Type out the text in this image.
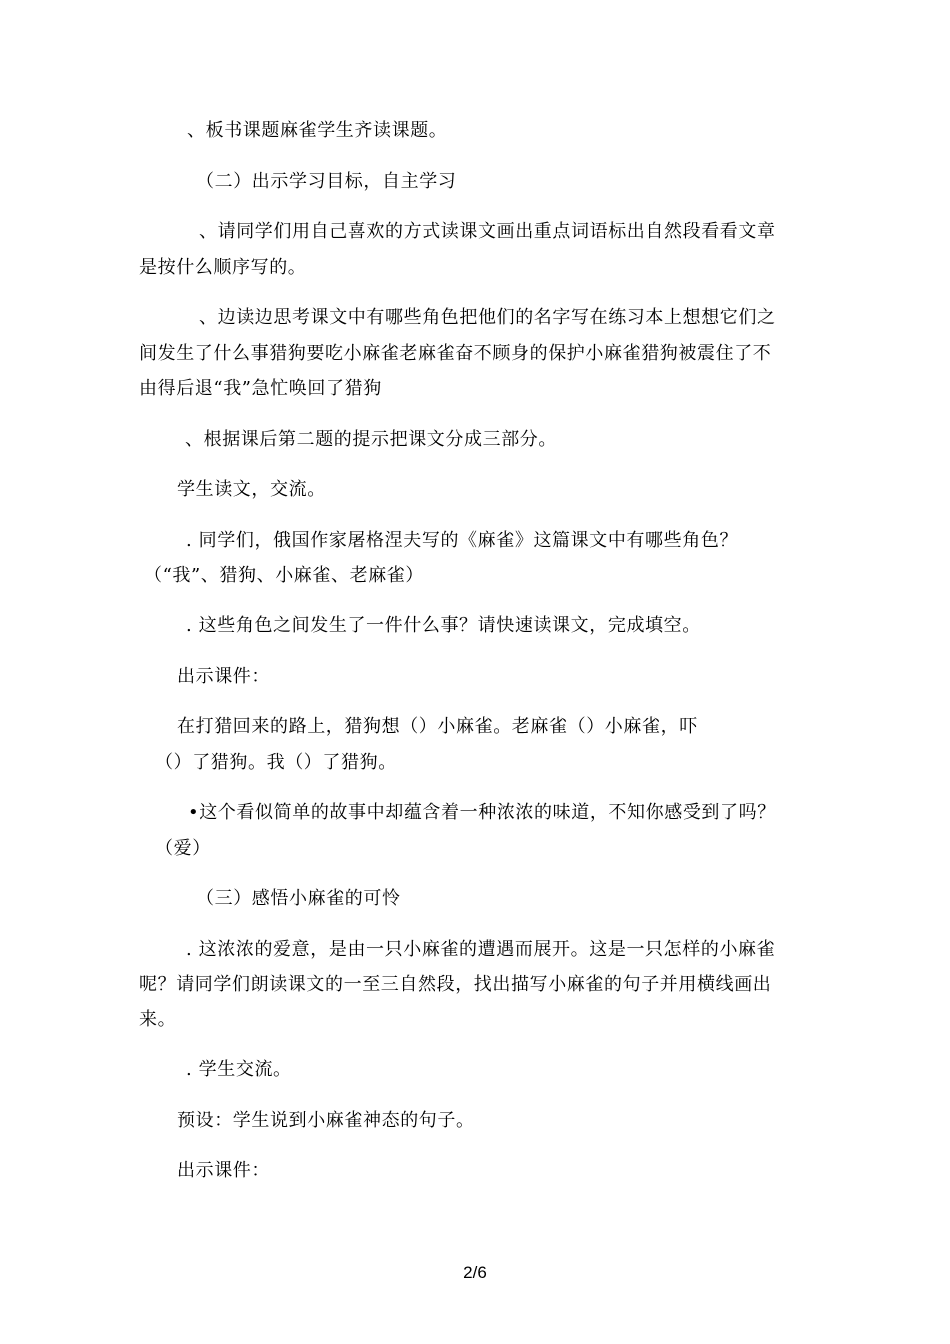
、板书课题麻雀学生齐读课题。
（二）出示学习目标，自主学习
、请同学们用自己喜欢的方式读课文画出重点词语标出自然段看看文章
是按什么顺序写的。
、边读边思考课文中有哪些角色把他们的名字写在练习本上想想它们之
间发生了什么事猎狗要吃小麻雀老麻雀奋不顾身的保护小麻雀猎狗被震住了不
由得后退“我”急忙唤回了猎狗
、根据课后第二题的提示把课文分成三部分。
学生读文，交流。
. 同学们，俄国作家屠格涅夫写的《麻雀》这篇课文中有哪些角色？
（“我”、猎狗、小麻雀、老麻雀）
. 这些角色之间发生了一件什么事？请快速读课文，完成填空。
出示课件：
在打猎回来的路上，猎狗想（）小麻雀。老麻雀（）小麻雀，吓
（）了猎狗。我（）了猎狗。
•这个看似简单的故事中却蕴含着一种浓浓的味道，不知你感受到了吗？
（爱）
（三）感悟小麻雀的可怜
. 这浓浓的爱意，是由一只小麻雀的遭遇而展开。这是一只怎样的小麻雀
呢？请同学们朗读课文的一至三自然段，找出描写小麻雀的句子并用横线画出
来。
. 学生交流。
预设：学生说到小麻雀神态的句子。
出示课件：
2/6
